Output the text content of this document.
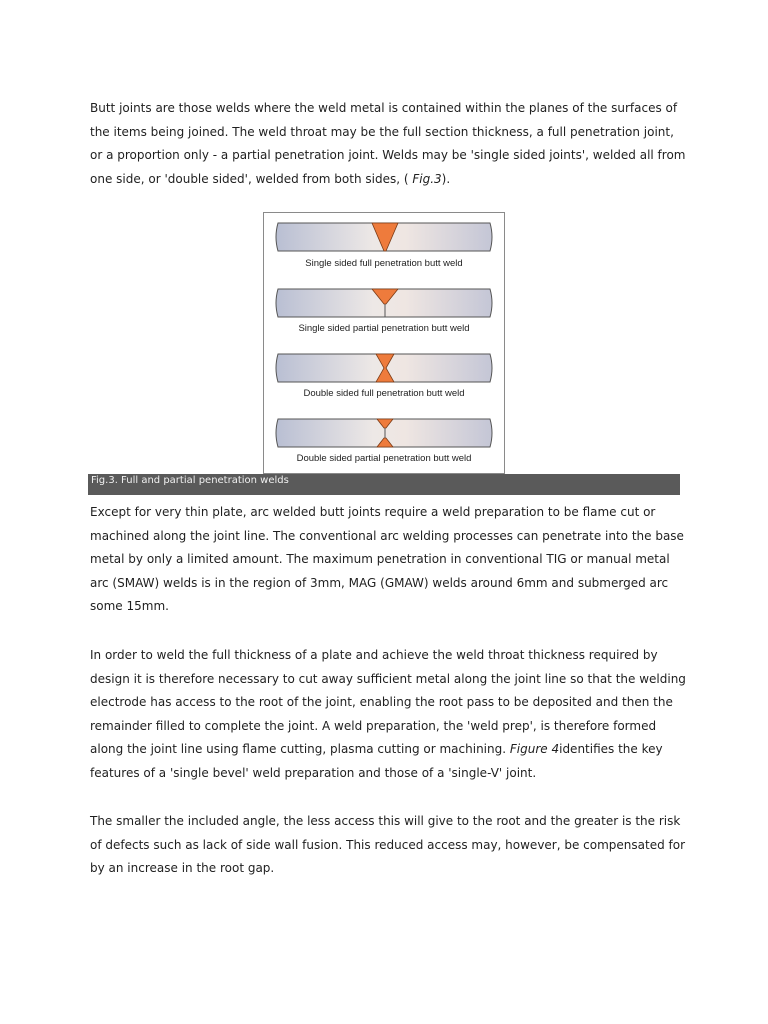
Butt joints are those welds where the weld metal is contained within the planes of the surfaces of the items being joined. The weld throat may be the full section thickness, a full penetration joint, or a proportion only - a partial penetration joint. Welds may be 'single sided joints', welded all from one side, or 'double sided', welded from both sides, ( Fig.3).
Single sided full penetration butt weld
Single sided partial penetration butt weld
Double sided full penetration butt weld
Double sided partial penetration butt weld
Fig.3. Full and partial penetration welds
Except for very thin plate, arc welded butt joints require a weld preparation to be flame cut or machined along the joint line. The conventional arc welding processes can penetrate into the base metal by only a limited amount. The maximum penetration in conventional TIG or manual metal arc (SMAW) welds is in the region of 3mm, MAG (GMAW) welds around 6mm and submerged arc some 15mm.
In order to weld the full thickness of a plate and achieve the weld throat thickness required by design it is therefore necessary to cut away sufficient metal along the joint line so that the welding electrode has access to the root of the joint, enabling the root pass to be deposited and then the remainder filled to complete the joint. A weld preparation, the 'weld prep', is therefore formed along the joint line using flame cutting, plasma cutting or machining. Figure 4identifies the key features of a 'single bevel' weld preparation and those of a 'single-V' joint.
The smaller the included angle, the less access this will give to the root and the greater is the risk of defects such as lack of side wall fusion. This reduced access may, however, be compensated for by an increase in the root gap.
